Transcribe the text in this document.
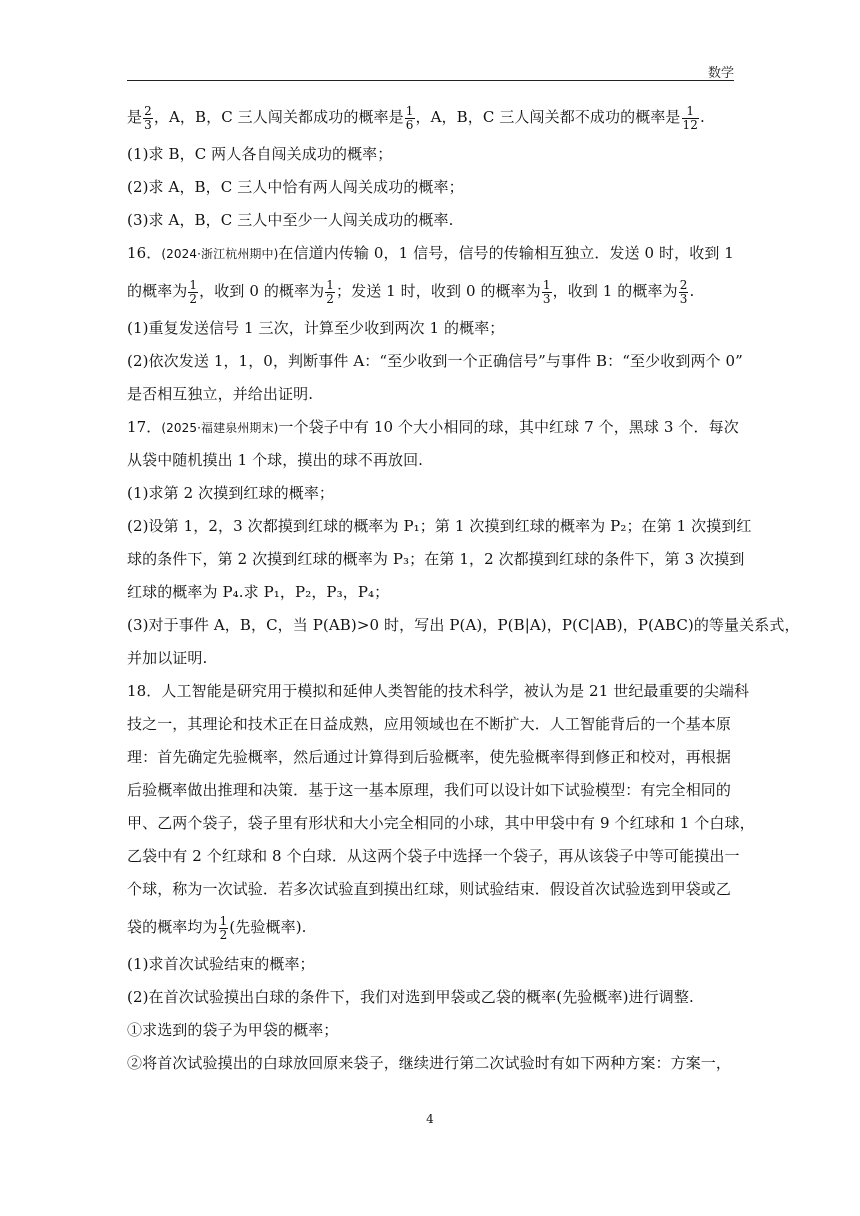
数学
是 $\frac{2}{3}$ ，A，B，C 三人闯关都成功的概率是 $\frac{1}{6}$ ，A，B，C 三人闯关都不成功的概率是 $\frac{1}{12}$ .
(1)求 B，C 两人各自闯关成功的概率；
(2)求 A，B，C 三人中恰有两人闯关成功的概率；
(3)求 A，B，C 三人中至少一人闯关成功的概率.
16．(2024·浙江杭州期中)在信道内传输 0，1 信号，信号的传输相互独立．发送 0 时，收到 1
的概率为 $\frac{1}{2}$ ，收到 0 的概率为 $\frac{1}{2}$ ；发送 1 时，收到 0 的概率为 $\frac{1}{3}$ ，收到 1 的概率为 $\frac{2}{3}$ .
(1)重复发送信号 1 三次，计算至少收到两次 1 的概率；
(2)依次发送 1，1，0，判断事件 A：“至少收到一个正确信号”与事件 B：“至少收到两个 0”
是否相互独立，并给出证明.
17．(2025·福建泉州期末)一个袋子中有 10 个大小相同的球，其中红球 7 个，黑球 3 个．每次
从袋中随机摸出 1 个球，摸出的球不再放回.
(1)求第 2 次摸到红球的概率；
(2)设第 1，2，3 次都摸到红球的概率为 P₁；第 1 次摸到红球的概率为 P₂；在第 1 次摸到红
球的条件下，第 2 次摸到红球的概率为 P₃；在第 1，2 次都摸到红球的条件下，第 3 次摸到
红球的概率为 P₄.求 P₁，P₂，P₃，P₄；
(3)对于事件 A，B，C，当 P(AB)>0 时，写出 P(A)，P(B|A)，P(C|AB)，P(ABC)的等量关系式，
并加以证明.
18．人工智能是研究用于模拟和延伸人类智能的技术科学，被认为是 21 世纪最重要的尖端科
技之一，其理论和技术正在日益成熟，应用领域也在不断扩大．人工智能背后的一个基本原
理：首先确定先验概率，然后通过计算得到后验概率，使先验概率得到修正和校对，再根据
后验概率做出推理和决策．基于这一基本原理，我们可以设计如下试验模型：有完全相同的
甲、乙两个袋子，袋子里有形状和大小完全相同的小球，其中甲袋中有 9 个红球和 1 个白球，
乙袋中有 2 个红球和 8 个白球．从这两个袋子中选择一个袋子，再从该袋子中等可能摸出一
个球，称为一次试验．若多次试验直到摸出红球，则试验结束．假设首次试验选到甲袋或乙
袋的概率均为 $\frac{1}{2}$ (先验概率).
(1)求首次试验结束的概率；
(2)在首次试验摸出白球的条件下，我们对选到甲袋或乙袋的概率(先验概率)进行调整.
①求选到的袋子为甲袋的概率；
②将首次试验摸出的白球放回原来袋子，继续进行第二次试验时有如下两种方案：方案一，
4
